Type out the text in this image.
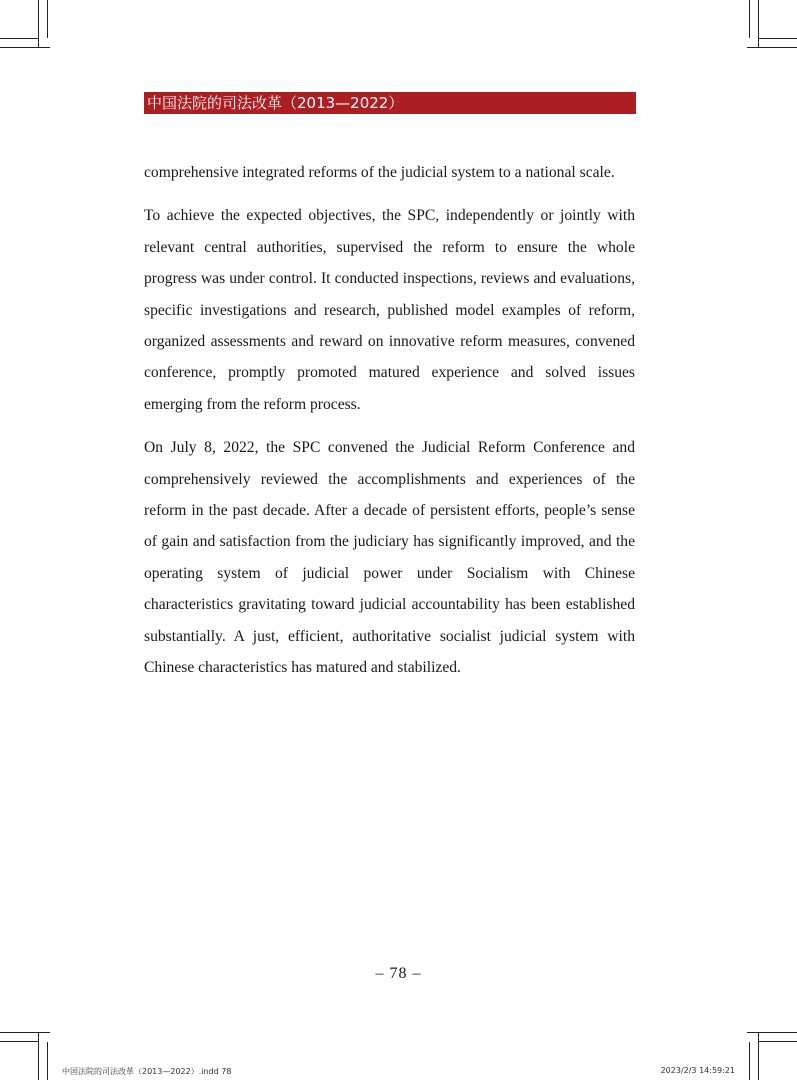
中国法院的司法改革（2013—2022）

comprehensive integrated reforms of the judicial system to a national scale.

To achieve the expected objectives, the SPC, independently or jointly with relevant central authorities, supervised the reform to ensure the whole progress was under control. It conducted inspections, reviews and evaluations, specific investigations and research, published model examples of reform, organized assessments and reward on innovative reform measures, convened conference, promptly promoted matured experience and solved issues emerging from the reform process.

On July 8, 2022, the SPC convened the Judicial Reform Conference and comprehensively reviewed the accomplishments and experiences of the reform in the past decade. After a decade of persistent efforts, people’s sense of gain and satisfaction from the judiciary has significantly improved, and the operating system of judicial power under Socialism with Chinese characteristics gravitating toward judicial accountability has been established substantially. A just, efficient, authoritative socialist judicial system with Chinese characteristics has matured and stabilized.

– 78 –
中国法院的司法改革（2013—2022）.indd 78	2023/2/3 14:59:21
